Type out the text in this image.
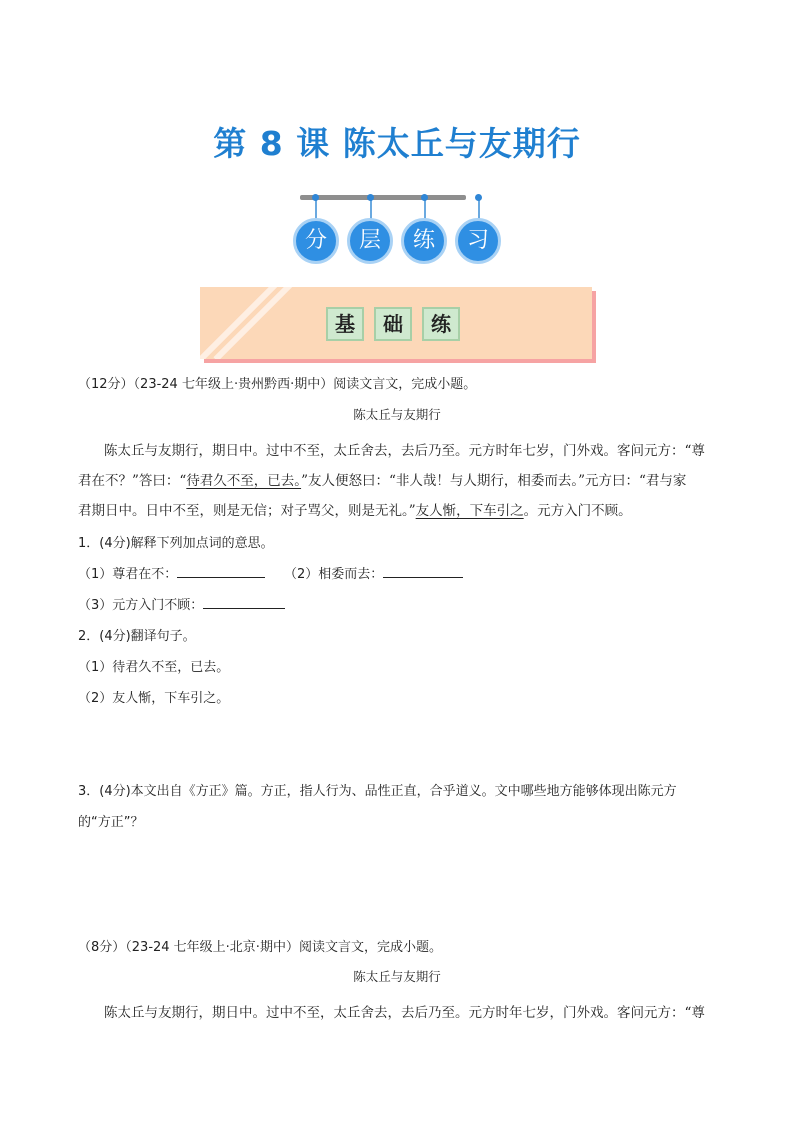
第 8 课 陈太丘与友期行
分	层	练	习
基	础	练
（12分）（23-24 七年级上·贵州黔西·期中）阅读文言文，完成小题。
陈太丘与友期行
陈太丘与友期行，期日中。过中不至，太丘舍去，去后乃至。元方时年七岁，门外戏。客问元方：“尊
君在不？”答曰：“待君久不至，已去。”友人便怒曰：“非人哉！与人期行，相委而去。”元方曰：“君与家
君期日中。日中不至，则是无信；对子骂父，则是无礼。”友人惭，下车引之。元方入门不顾。
1．(4分)解释下列加点词的意思。
（1）尊君在不：	（2）相委而去：
（3）元方入门不顾：
2．(4分)翻译句子。
（1）待君久不至，已去。
（2）友人惭，下车引之。
3．(4分)本文出自《方正》篇。方正，指人行为、品性正直，合乎道义。文中哪些地方能够体现出陈元方
的“方正”？
（8分）（23-24 七年级上·北京·期中）阅读文言文，完成小题。
陈太丘与友期行
陈太丘与友期行，期日中。过中不至，太丘舍去，去后乃至。元方时年七岁，门外戏。客问元方：“尊
